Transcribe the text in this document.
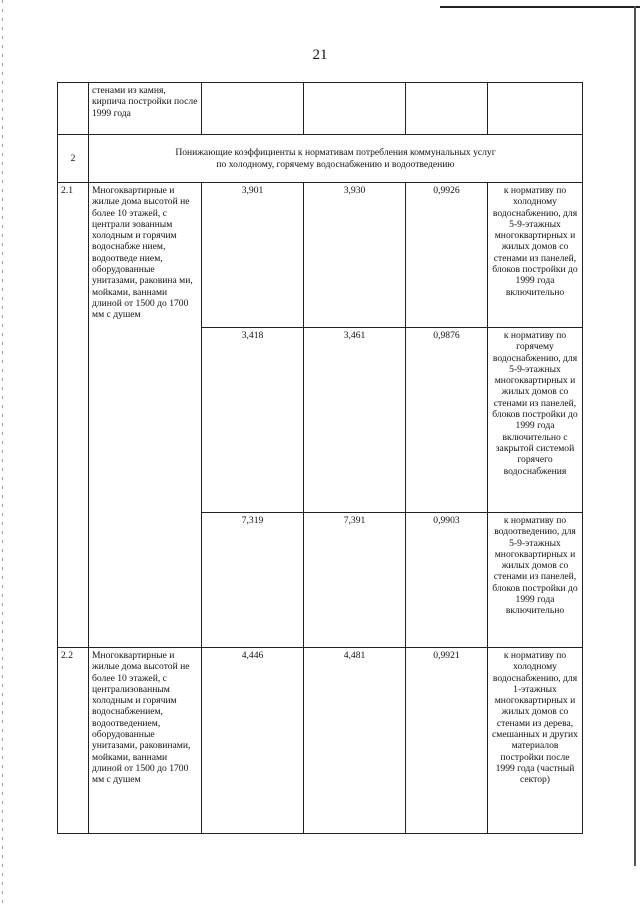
21
	стенами из камня, кирпича постройки после 1999 года				

2	Понижающие коэффициенты к нормативам потребления коммунальных услуг
по холодному, горячему водоснабжению и водоотведению				

2.1	Многоквартирные и жилые дома высотой не более 10 этажей, с централи зованным холодным и горячим водоснабже нием, водоотведе нием, оборудованные унитазами, раковина ми, мойками, ваннами длиной от 1500 до 1700 мм с душем	3,901	3,930	0,9926	к нормативу по холодному водоснабжению, для 5-9-этажных многоквартирных и жилых домов со стенами из панелей, блоков постройки до 1999 года включительно
		3,418	3,461	0,9876	к нормативу по горячему водоснабжению, для 5-9-этажных многоквартирных и жилых домов со стенами из панелей, блоков постройки до 1999 года включительно с закрытой системой горячего водоснабжения
		7,319	7,391	0,9903	к нормативу по водоотведению, для 5-9-этажных многоквартирных и жилых домов со стенами из панелей, блоков постройки до 1999 года включительно
2.2	Многоквартирные и жилые дома высотой не более 10 этажей, с централизованным холодным и горячим водоснабжением, водоотведением, оборудованные унитазами, раковинами, мойками, ваннами длиной от 1500 до 1700 мм с душем	4,446	4,481	0,9921	к нормативу по холодному водоснабжению, для 1-этажных многоквартирных и жилых домов со стенами из дерева, смешанных и других материалов постройки после 1999 года (частный сектор)
